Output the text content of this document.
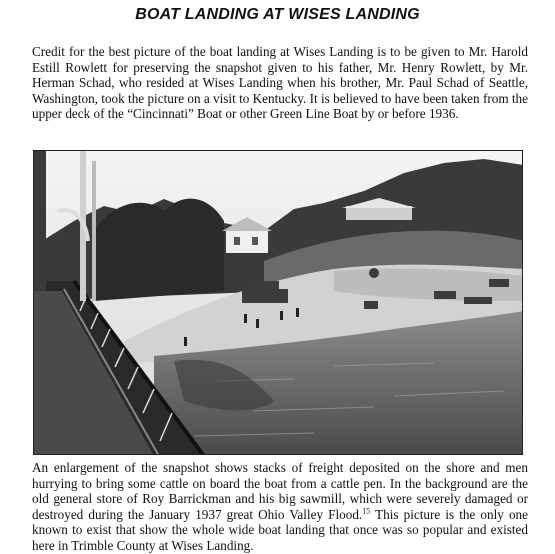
BOAT LANDING AT WISES LANDING

Credit for the best picture of the boat landing at Wises Landing is to be given to Mr. Harold Estill Rowlett for preserving the snapshot given to his father, Mr. Henry Rowlett, by Mr. Herman Schad, who resided at Wises Landing when his brother, Mr. Paul Schad of Seattle, Washington, took the picture on a visit to Kentucky. It is believed to have been taken from the upper deck of the “Cincinnati” Boat or other Green Line Boat by or before 1936.

An enlargement of the snapshot shows stacks of freight deposited on the shore and men hurrying to bring some cattle on board the boat from a cattle pen. In the background are the old general store of Roy Barrickman and his big sawmill, which were severely damaged or destroyed during the January 1937 great Ohio Valley Flood.$^{15}$ This picture is the only one known to exist that show the whole wide boat landing that once was so popular and existed here in Trimble County at Wises Landing.
